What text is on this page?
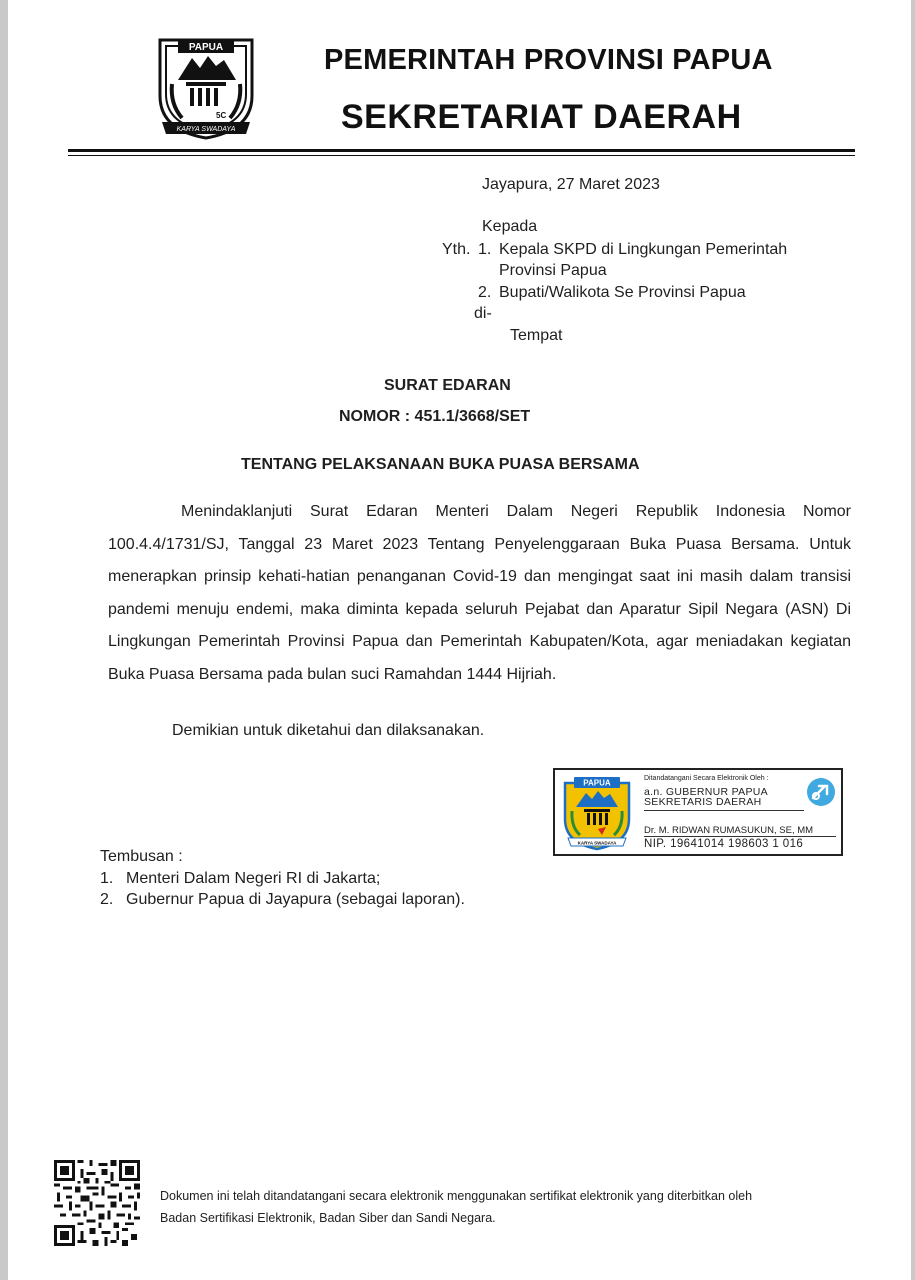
PAPUA
5C
KARYA SWADAYA
PEMERINTAH PROVINSI PAPUA
SEKRETARIAT DAERAH
Jayapura, 27 Maret 2023
Kepada
Yth. 1. Kepala SKPD di Lingkungan Pemerintah
Provinsi Papua
2. Bupati/Walikota Se Provinsi Papua
di-
Tempat
SURAT EDARAN
NOMOR : 451.1/3668/SET
TENTANG PELAKSANAAN BUKA PUASA BERSAMA
Menindaklanjuti Surat Edaran Menteri Dalam Negeri Republik Indonesia Nomor 100.4.4/1731/SJ, Tanggal 23 Maret 2023 Tentang Penyelenggaraan Buka Puasa Bersama. Untuk menerapkan prinsip kehati-hatian penanganan Covid-19 dan mengingat saat ini masih dalam transisi pandemi menuju endemi, maka diminta kepada seluruh Pejabat dan Aparatur Sipil Negara (ASN) Di Lingkungan Pemerintah Provinsi Papua dan Pemerintah Kabupaten/Kota, agar meniadakan kegiatan Buka Puasa Bersama pada bulan suci Ramahdan 1444 Hijriah.
Demikian untuk diketahui dan dilaksanakan.
PAPUA
KARYA SWADAYA
Ditandatangani Secara Elektronik Oleh :
a.n. GUBERNUR PAPUA
SEKRETARIS DAERAH
Dr. M. RIDWAN RUMASUKUN, SE, MM
NIP. 19641014 198603 1 016
Tembusan :
1. Menteri Dalam Negeri RI di Jakarta;
2. Gubernur Papua di Jayapura (sebagai laporan).
Dokumen ini telah ditandatangani secara elektronik menggunakan sertifikat elektronik yang diterbitkan oleh
Badan Sertifikasi Elektronik, Badan Siber dan Sandi Negara.
